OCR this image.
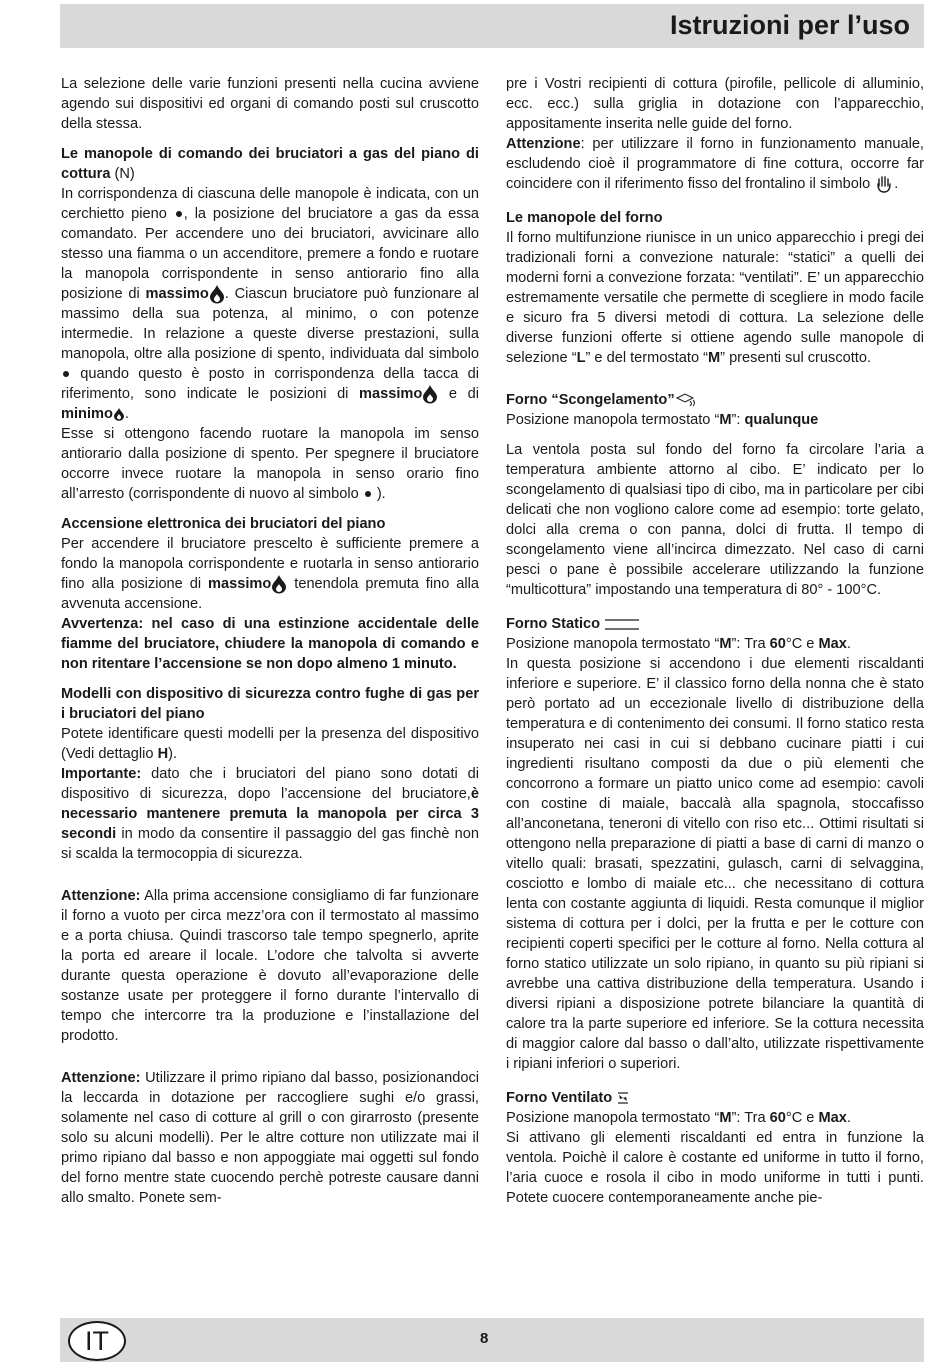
Istruzioni per l’uso

La selezione delle varie funzioni presenti nella cucina avviene agendo sui dispositivi ed organi di comando posti sul cruscotto della stessa.

Le manopole di comando dei bruciatori a gas del piano di cottura (N)
In corrispondenza di ciascuna delle manopole è indicata, con un cerchietto pieno
, la posizione del bruciatore a gas da essa comandato. Per accendere uno dei bruciatori, avvicinare allo stesso una fiamma o un accenditore, premere a fondo e ruotare la manopola corrispondente in senso antiorario fino alla posizione di massimo . Ciascun bruciatore può funzionare al massimo della sua potenza, al minimo, o con potenze intermedie. In relazione a queste diverse prestazioni, sulla manopola, oltre alla posizione di spento, individuata dal simbolo
quando questo è posto in corrispondenza della tacca di riferimento, sono indicate le posizioni di massimo
e di minimo .
Esse si ottengono facendo ruotare la manopola im senso antiorario dalla posizione di spento. Per spegnere il bruciatore occorre invece ruotare la manopola in senso orario fino all’arresto (corrispondente di nuovo al simbolo
).

Accensione elettronica dei bruciatori del piano
Per accendere il bruciatore prescelto è sufficiente premere a fondo la manopola corrispondente e ruotarla in senso antiorario fino alla posizione di massimo
tenendola premuta fino alla avvenuta accensione.
Avvertenza: nel caso di una estinzione accidentale delle fiamme del bruciatore, chiudere la manopola di comando e non ritentare l’accensione se non dopo almeno 1 minuto.

Modelli con dispositivo di sicurezza contro fughe di gas per i bruciatori del piano
Potete identificare questi modelli per la presenza del dispositivo (Vedi dettaglio H).
Importante: dato che i bruciatori del piano sono dotati di dispositivo di sicurezza, dopo l’accensione del bruciatore,è necessario mantenere premuta la manopola per circa 3 secondi in modo da consentire il passaggio del gas finchè non si scalda la termocoppia di sicurezza.

Attenzione: Alla prima accensione consigliamo di far funzionare il forno a vuoto per circa mezz’ora con il termostato al massimo e a porta chiusa. Quindi trascorso tale tempo spegnerlo, aprite la porta ed areare il locale. L’odore che talvolta si avverte durante questa operazione è dovuto all’evaporazione delle sostanze usate per proteggere il forno durante l’intervallo di tempo che intercorre tra la produzione e l’installazione del prodotto.

Attenzione: Utilizzare il primo ripiano dal basso, posizionandoci la leccarda in dotazione per raccogliere sughi e/o grassi, solamente nel caso di cotture al grill o con girarrosto (presente solo su alcuni modelli). Per le altre cotture non utilizzate mai il primo ripiano dal basso e non appoggiate mai oggetti sul fondo del forno mentre state cuocendo perchè potreste causare danni allo smalto. Ponete sem-

pre i Vostri recipienti di cottura (pirofile, pellicole di alluminio, ecc. ecc.) sulla griglia in dotazione con l’apparecchio, appositamente inserita nelle guide del forno.
Attenzione: per utilizzare il forno in funzionamento manuale, escludendo cioè il programmatore di fine cottura, occorre far coincidere con il riferimento fisso del frontalino il simbolo
.

Le manopole del forno
Il forno multifunzione riunisce in un unico apparecchio i pregi dei tradizionali forni a convezione naturale: “statici” a quelli dei moderni forni a convezione forzata: “ventilati”. E’ un apparecchio estremamente versatile che permette di scegliere in modo facile e sicuro fra 5 diversi metodi di cottura. La selezione delle diverse funzioni offerte si ottiene agendo sulle manopole di selezione “L” e del termostato “M” presenti sul cruscotto.

Forno “Scongelamento”

Posizione manopola termostato “M”: qualunque

La ventola posta sul fondo del forno fa circolare l’aria a temperatura ambiente attorno al cibo. E’ indicato per lo scongelamento di qualsiasi tipo di cibo, ma in particolare per cibi delicati che non vogliono calore come ad esempio: torte gelato, dolci alla crema o con panna, dolci di frutta. Il tempo di scongelamento viene all’incirca dimezzato. Nel caso di carni pesci o pane è possibile accelerare utilizzando la funzione “multicottura” impostando una temperatura di 80° - 100°C.

Forno Statico

Posizione manopola termostato “M”: Tra 60°C e Max.
In questa posizione si accendono i due elementi riscaldanti inferiore e superiore. E’ il classico forno della nonna che è stato però portato ad un eccezionale livello di distribuzione della temperatura e di contenimento dei consumi. Il forno statico resta insuperato nei casi in cui si debbano cucinare piatti i cui ingredienti risultano composti da due o più elementi che concorrono a formare un piatto unico come ad esempio: cavoli con costine di maiale, baccalà alla spagnola, stoccafisso all’anconetana, teneroni di vitello con riso etc... Ottimi risultati si ottengono nella preparazione di piatti a base di carni di manzo o vitello quali: brasati, spezzatini, gulasch, carni di selvaggina, cosciotto e lombo di maiale etc... che necessitano di cottura lenta con costante aggiunta di liquidi. Resta comunque il miglior sistema di cottura per i dolci, per la frutta e per le cotture con recipienti coperti specifici per le cotture al forno. Nella cottura al forno statico utilizzate un solo ripiano, in quanto su più ripiani si avrebbe una cattiva distribuzione della temperatura. Usando i diversi ripiani a disposizione potrete bilanciare la quantità di calore tra la parte superiore ed inferiore. Se la cottura necessita di maggior calore dal basso o dall’alto, utilizzate rispettivamente i ripiani inferiori o superiori.

Forno Ventilato

Posizione manopola termostato “M”: Tra 60°C e Max.
Si attivano gli elementi riscaldanti ed entra in funzione la ventola. Poichè il calore è costante ed uniforme in tutto il forno, l’aria cuoce e rosola il cibo in modo uniforme in tutti i punti. Potete cuocere contemporaneamente anche pie-

IT	8
